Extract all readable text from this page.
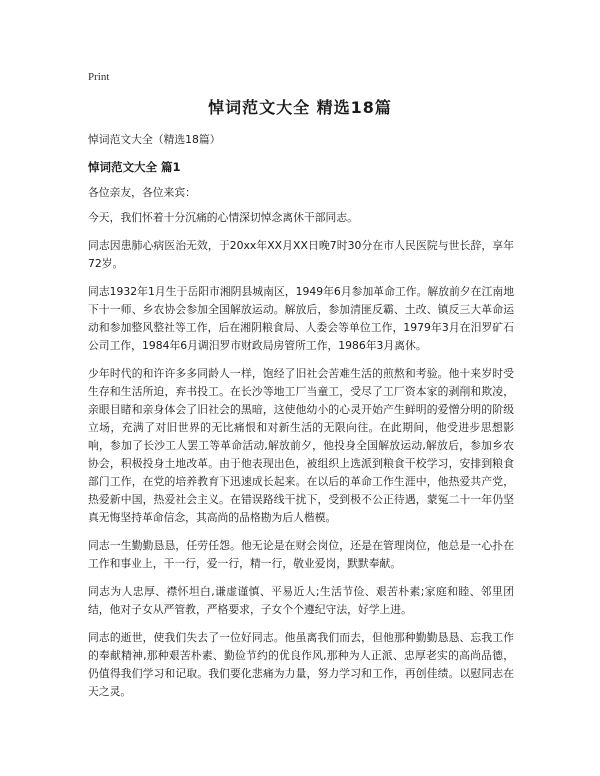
Print
悼词范文大全 精选18篇

悼词范文大全（精选18篇）

悼词范文大全 篇1

各位亲友，各位来宾：

今天，我们怀着十分沉痛的心情深切悼念离休干部同志。

同志因患肺心病医治无效，于20xx年XX月XX日晚7时30分在市人民医院与世长辞，享年72岁。

同志1932年1月生于岳阳市湘阴县城南区，1949年6月参加革命工作。解放前夕在江南地下十一师、乡农协会参加全国解放运动。解放后，参加清匪反霸、土改、镇反三大革命运动和参加整风整社等工作，后在湘阴粮食局、人委会等单位工作，1979年3月在汨罗矿石公司工作，1984年6月调汨罗市财政局房管所工作，1986年3月离休。

少年时代的和许许多多同龄人一样，饱经了旧社会苦难生活的煎熬和考验。他十来岁时受生存和生活所迫，弃书投工。在长沙等地工厂当童工，受尽了工厂资本家的剥削和欺凌，亲眼目睹和亲身体会了旧社会的黑暗，这使他幼小的心灵开始产生鲜明的爱憎分明的阶级立场，充满了对旧世界的无比痛恨和对新生活的无限向往。在此期间，他受进步思想影响，参加了长沙工人罢工等革命活动,解放前夕，他投身全国解放运动,解放后，参加乡农协会，积极投身土地改革。由于他表现出色，被组织上选派到粮食干校学习，安排到粮食部门工作，在党的培养教育下迅速成长起来。在以后的革命工作生涯中，他热爱共产党，热爱新中国，热爱社会主义。在错误路线干扰下，受到极不公正待遇，蒙冤二十一年仍坚真无悔坚持革命信念，其高尚的品格勘为后人楷模。

同志一生勤勤恳恳，任劳任怨。他无论是在财会岗位，还是在管理岗位，他总是一心扑在工作和事业上，干一行，爱一行，精一行，敬业爱岗，默默奉献。

同志为人忠厚、襟怀坦白,谦虚谨慎、平易近人;生活节俭、艰苦朴素;家庭和睦、邻里团结，他对子女从严管教，严格要求，子女个个遵纪守法，好学上进。

同志的逝世，使我们失去了一位好同志。他虽离我们而去，但他那种勤勤恳恳、忘我工作的奉献精神,那种艰苦朴素、勤俭节约的优良作风,那种为人正派、忠厚老实的高尚品德，仍值得我们学习和记取。我们要化悲痛为力量，努力学习和工作，再创佳绩。以慰同志在天之灵。
